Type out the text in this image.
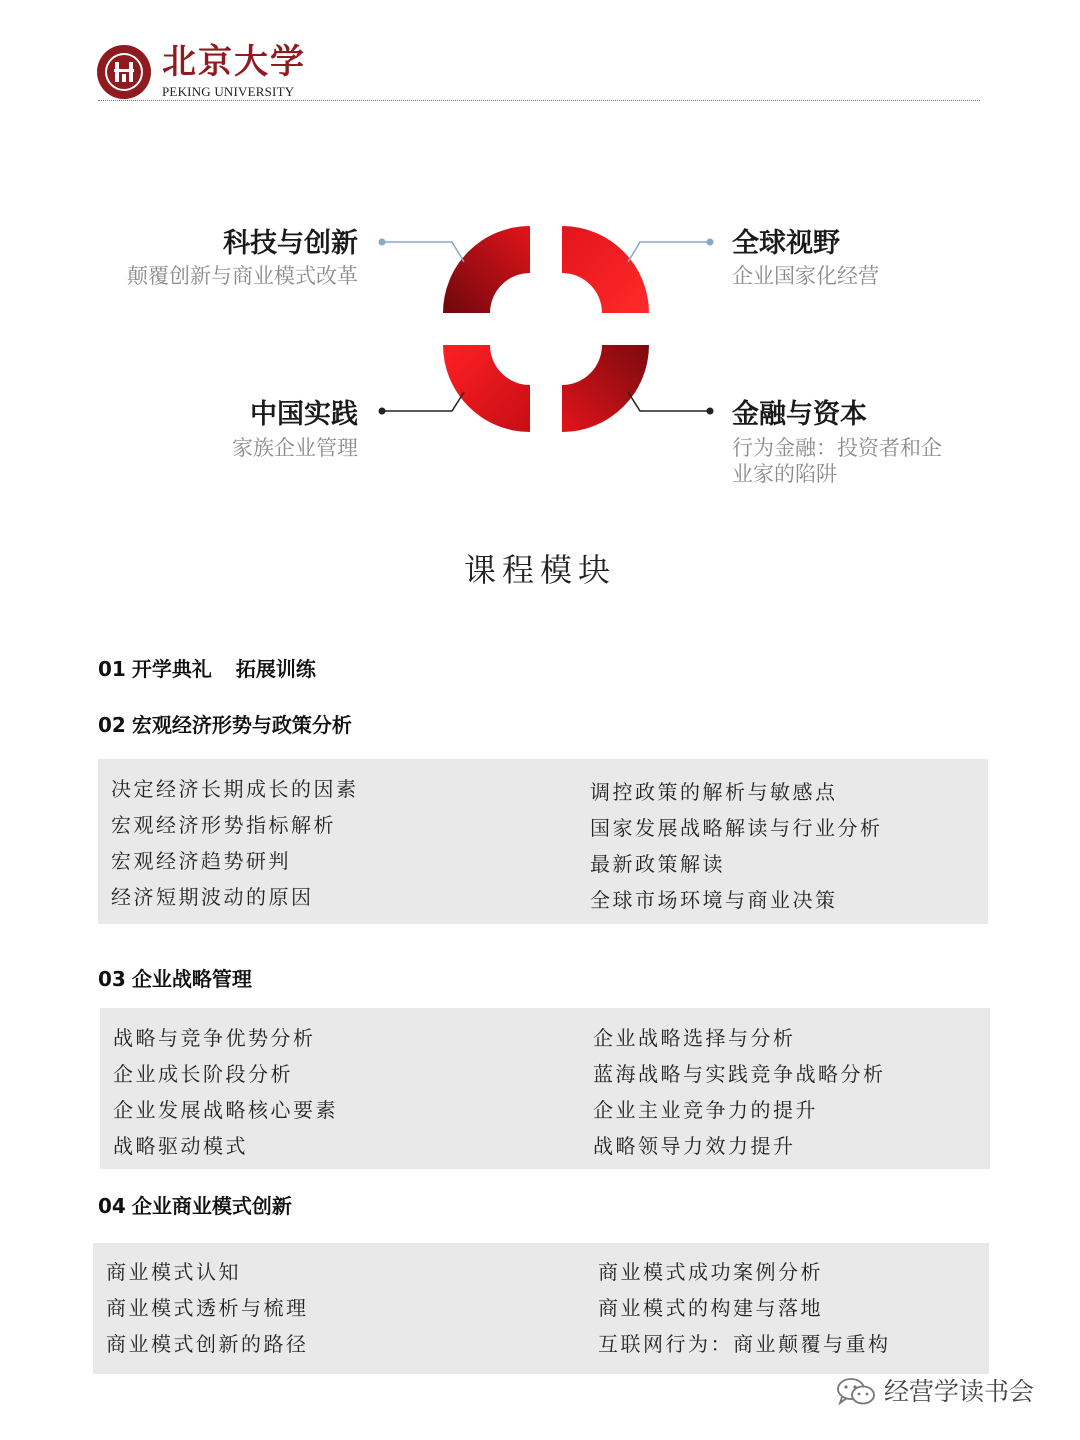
北京大学
PEKING UNIVERSITY
科技与创新
颠覆创新与商业模式改革
全球视野
企业国家化经营
中国实践
家族企业管理
金融与资本
行为金融：投资者和企业家的陷阱
课程模块
01 开学典礼 拓展训练
02 宏观经济形势与政策分析
决定经济长期成长的因素
宏观经济形势指标解析
宏观经济趋势研判
经济短期波动的原因
调控政策的解析与敏感点
国家发展战略解读与行业分析
最新政策解读
全球市场环境与商业决策
03 企业战略管理
战略与竞争优势分析
企业成长阶段分析
企业发展战略核心要素
战略驱动模式
企业战略选择与分析
蓝海战略与实践竞争战略分析
企业主业竞争力的提升
战略领导力效力提升
04 企业商业模式创新
商业模式认知
商业模式透析与梳理
商业模式创新的路径
商业模式成功案例分析
商业模式的构建与落地
互联网行为：商业颠覆与重构
经营学读书会
